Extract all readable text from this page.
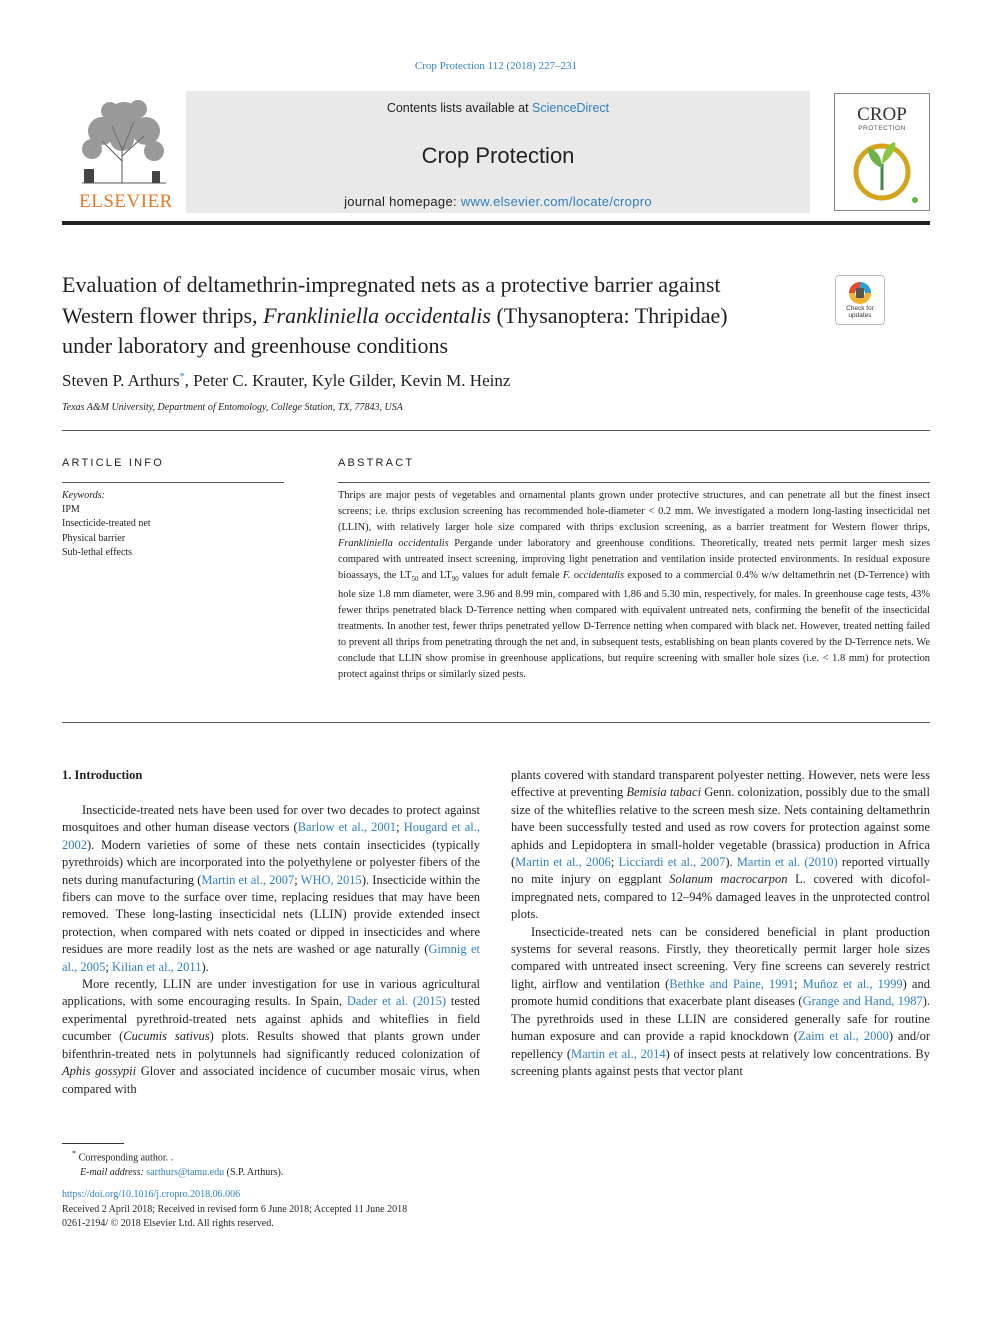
Crop Protection 112 (2018) 227–231
ELSEVIER
Contents lists available at ScienceDirect
Crop Protection
journal homepage: www.elsevier.com/locate/cropro
CROP
PROTECTION
Evaluation of deltamethrin-impregnated nets as a protective barrier against
Western flower thrips, Frankliniella occidentalis (Thysanoptera: Thripidae)
under laboratory and greenhouse conditions
Check for updates
Steven P. Arthurs*, Peter C. Krauter, Kyle Gilder, Kevin M. Heinz
Texas A&M University, Department of Entomology, College Station, TX, 77843, USA
ARTICLE INFO
Keywords:
IPM
Insecticide-treated net
Physical barrier
Sub-lethal effects
ABSTRACT
Thrips are major pests of vegetables and ornamental plants grown under protective structures, and can penetrate all but the finest insect screens; i.e. thrips exclusion screening has recommended hole-diameter < 0.2 mm. We investigated a modern long-lasting insecticidal net (LLIN), with relatively larger hole size compared with thrips exclusion screening, as a barrier treatment for Western flower thrips, Frankliniella occidentalis Pergande under laboratory and greenhouse conditions. Theoretically, treated nets permit larger mesh sizes compared with untreated insect screening, improving light penetration and ventilation inside protected environments. In residual exposure bioassays, the $LT_{50}$ and $LT_{90}$ values for adult female F. occidentalis exposed to a commercial 0.4% w/w deltamethrin net (D-Terrence) with hole size 1.8 mm diameter, were 3.96 and 8.99 min, compared with 1.86 and 5.30 min, respectively, for males. In greenhouse cage tests, 43% fewer thrips penetrated black D-Terrence netting when compared with equivalent untreated nets, confirming the benefit of the insecticidal treatments. In another test, fewer thrips penetrated yellow D-Terrence netting when compared with black net. However, treated netting failed to prevent all thrips from penetrating through the net and, in subsequent tests, establishing on bean plants covered by the D-Terrence nets. We conclude that LLIN show promise in greenhouse applications, but require screening with smaller hole sizes (i.e. < 1.8 mm) for protection protect against thrips or similarly sized pests.
1. Introduction

Insecticide-treated nets have been used for over two decades to protect against mosquitoes and other human disease vectors (Barlow et al., 2001; Hougard et al., 2002). Modern varieties of some of these nets contain insecticides (typically pyrethroids) which are incorporated into the polyethylene or polyester fibers of the nets during manufacturing (Martin et al., 2007; WHO, 2015). Insecticide within the fibers can move to the surface over time, replacing residues that may have been removed. These long-lasting insecticidal nets (LLIN) provide extended insect protection, when compared with nets coated or dipped in insecticides and where residues are more readily lost as the nets are washed or age naturally (Gimnig et al., 2005; Kilian et al., 2011).

More recently, LLIN are under investigation for use in various agricultural applications, with some encouraging results. In Spain, Dader et al. (2015) tested experimental pyrethroid-treated nets against aphids and whiteflies in field cucumber (Cucumis sativus) plots. Results showed that plants grown under bifenthrin-treated nets in polytunnels had significantly reduced colonization of Aphis gossypii Glover and associated incidence of cucumber mosaic virus, when compared with

plants covered with standard transparent polyester netting. However, nets were less effective at preventing Bemisia tabaci Genn. colonization, possibly due to the small size of the whiteflies relative to the screen mesh size. Nets containing deltamethrin have been successfully tested and used as row covers for protection against some aphids and Lepidoptera in small-holder vegetable (brassica) production in Africa (Martin et al., 2006; Licciardi et al., 2007). Martin et al. (2010) reported virtually no mite injury on eggplant Solanum macrocarpon L. covered with dicofol-impregnated nets, compared to 12–94% damaged leaves in the unprotected control plots.

Insecticide-treated nets can be considered beneficial in plant production systems for several reasons. Firstly, they theoretically permit larger hole sizes compared with untreated insect screening. Very fine screens can severely restrict light, airflow and ventilation (Bethke and Paine, 1991; Muñoz et al., 1999) and promote humid conditions that exacerbate plant diseases (Grange and Hand, 1987). The pyrethroids used in these LLIN are considered generally safe for routine human exposure and can provide a rapid knockdown (Zaim et al., 2000) and/or repellency (Martin et al., 2014) of insect pests at relatively low concentrations. By screening plants against pests that vector plant

* Corresponding author. .
E-mail address: sarthurs@tamu.edu (S.P. Arthurs).
https://doi.org/10.1016/j.cropro.2018.06.006
Received 2 April 2018; Received in revised form 6 June 2018; Accepted 11 June 2018
0261-2194/ © 2018 Elsevier Ltd. All rights reserved.
